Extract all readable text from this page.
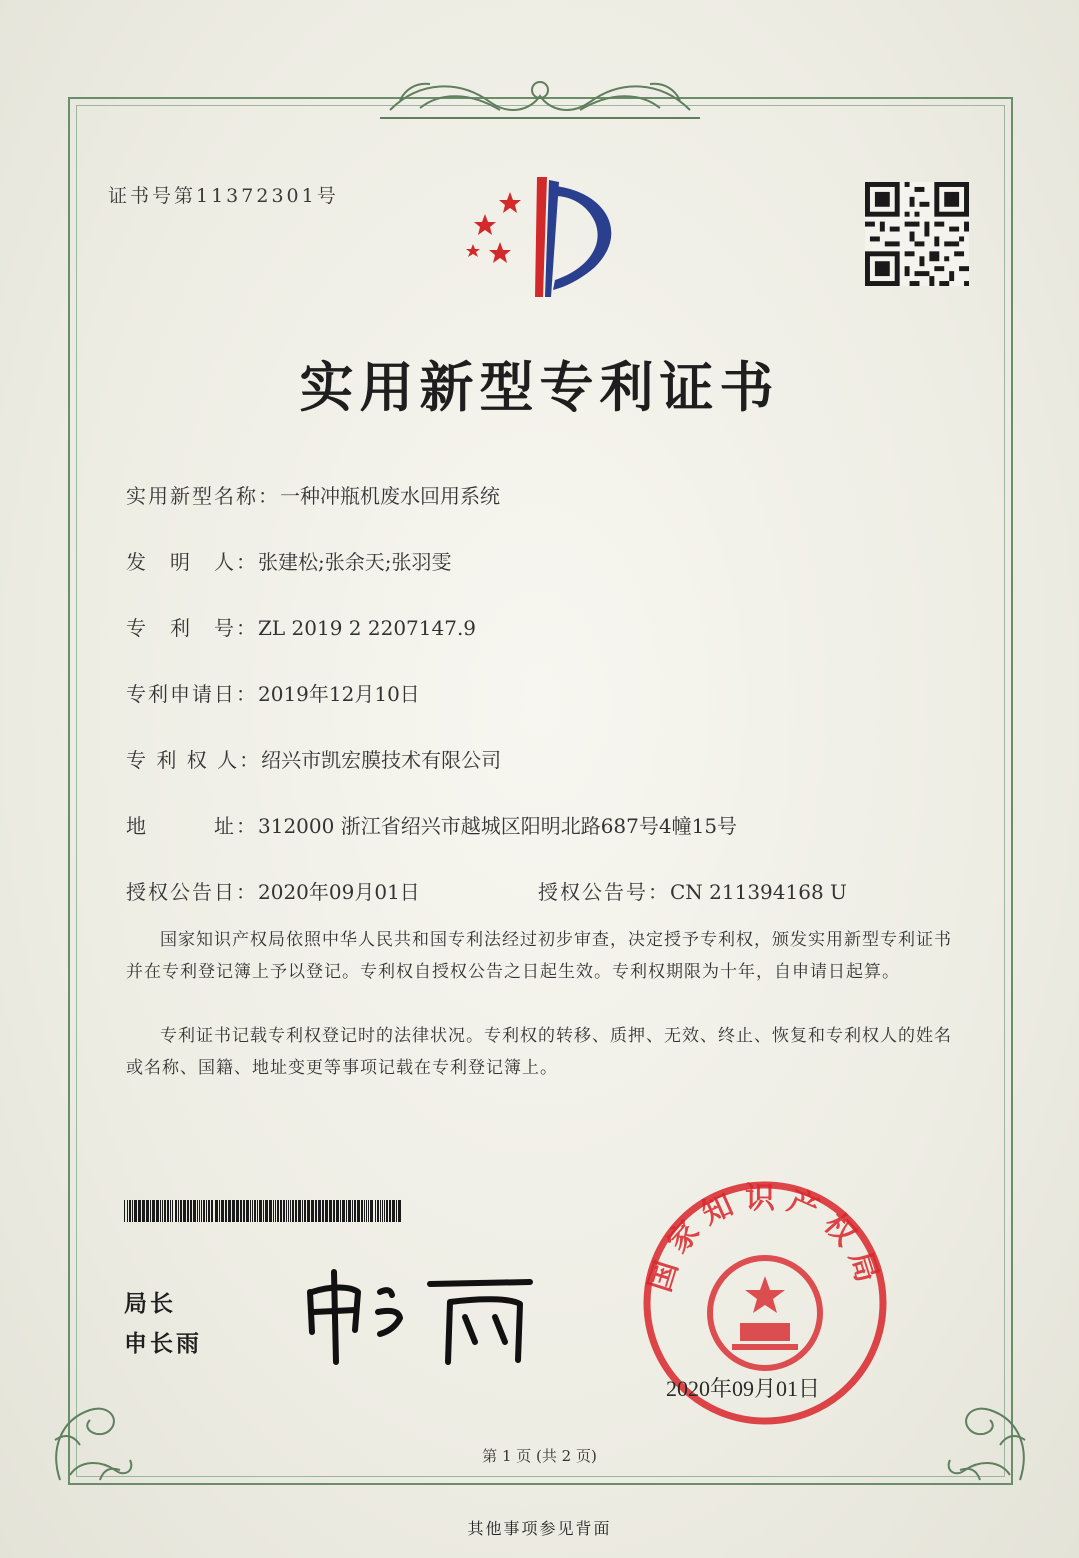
证书号第11372301号
实用新型专利证书
实用新型名称：一种冲瓶机废水回用系统
发　明　人：张建松;张余天;张羽雯
专　利　号：ZL 2019 2 2207147.9
专利申请日：2019年12月10日
专 利 权 人：绍兴市凯宏膜技术有限公司
地　　　址：312000 浙江省绍兴市越城区阳明北路687号4幢15号
授权公告日：2020年09月01日	授权公告号：CN 211394168 U
国家知识产权局依照中华人民共和国专利法经过初步审查，决定授予专利权，颁发实用新型专利证书并在专利登记簿上予以登记。专利权自授权公告之日起生效。专利权期限为十年，自申请日起算。
专利证书记载专利权登记时的法律状况。专利权的转移、质押、无效、终止、恢复和专利权人的姓名或名称、国籍、地址变更等事项记载在专利登记簿上。
局长
申长雨
国家知识产权局
2020年09月01日
第 1 页 (共 2 页)
其他事项参见背面
